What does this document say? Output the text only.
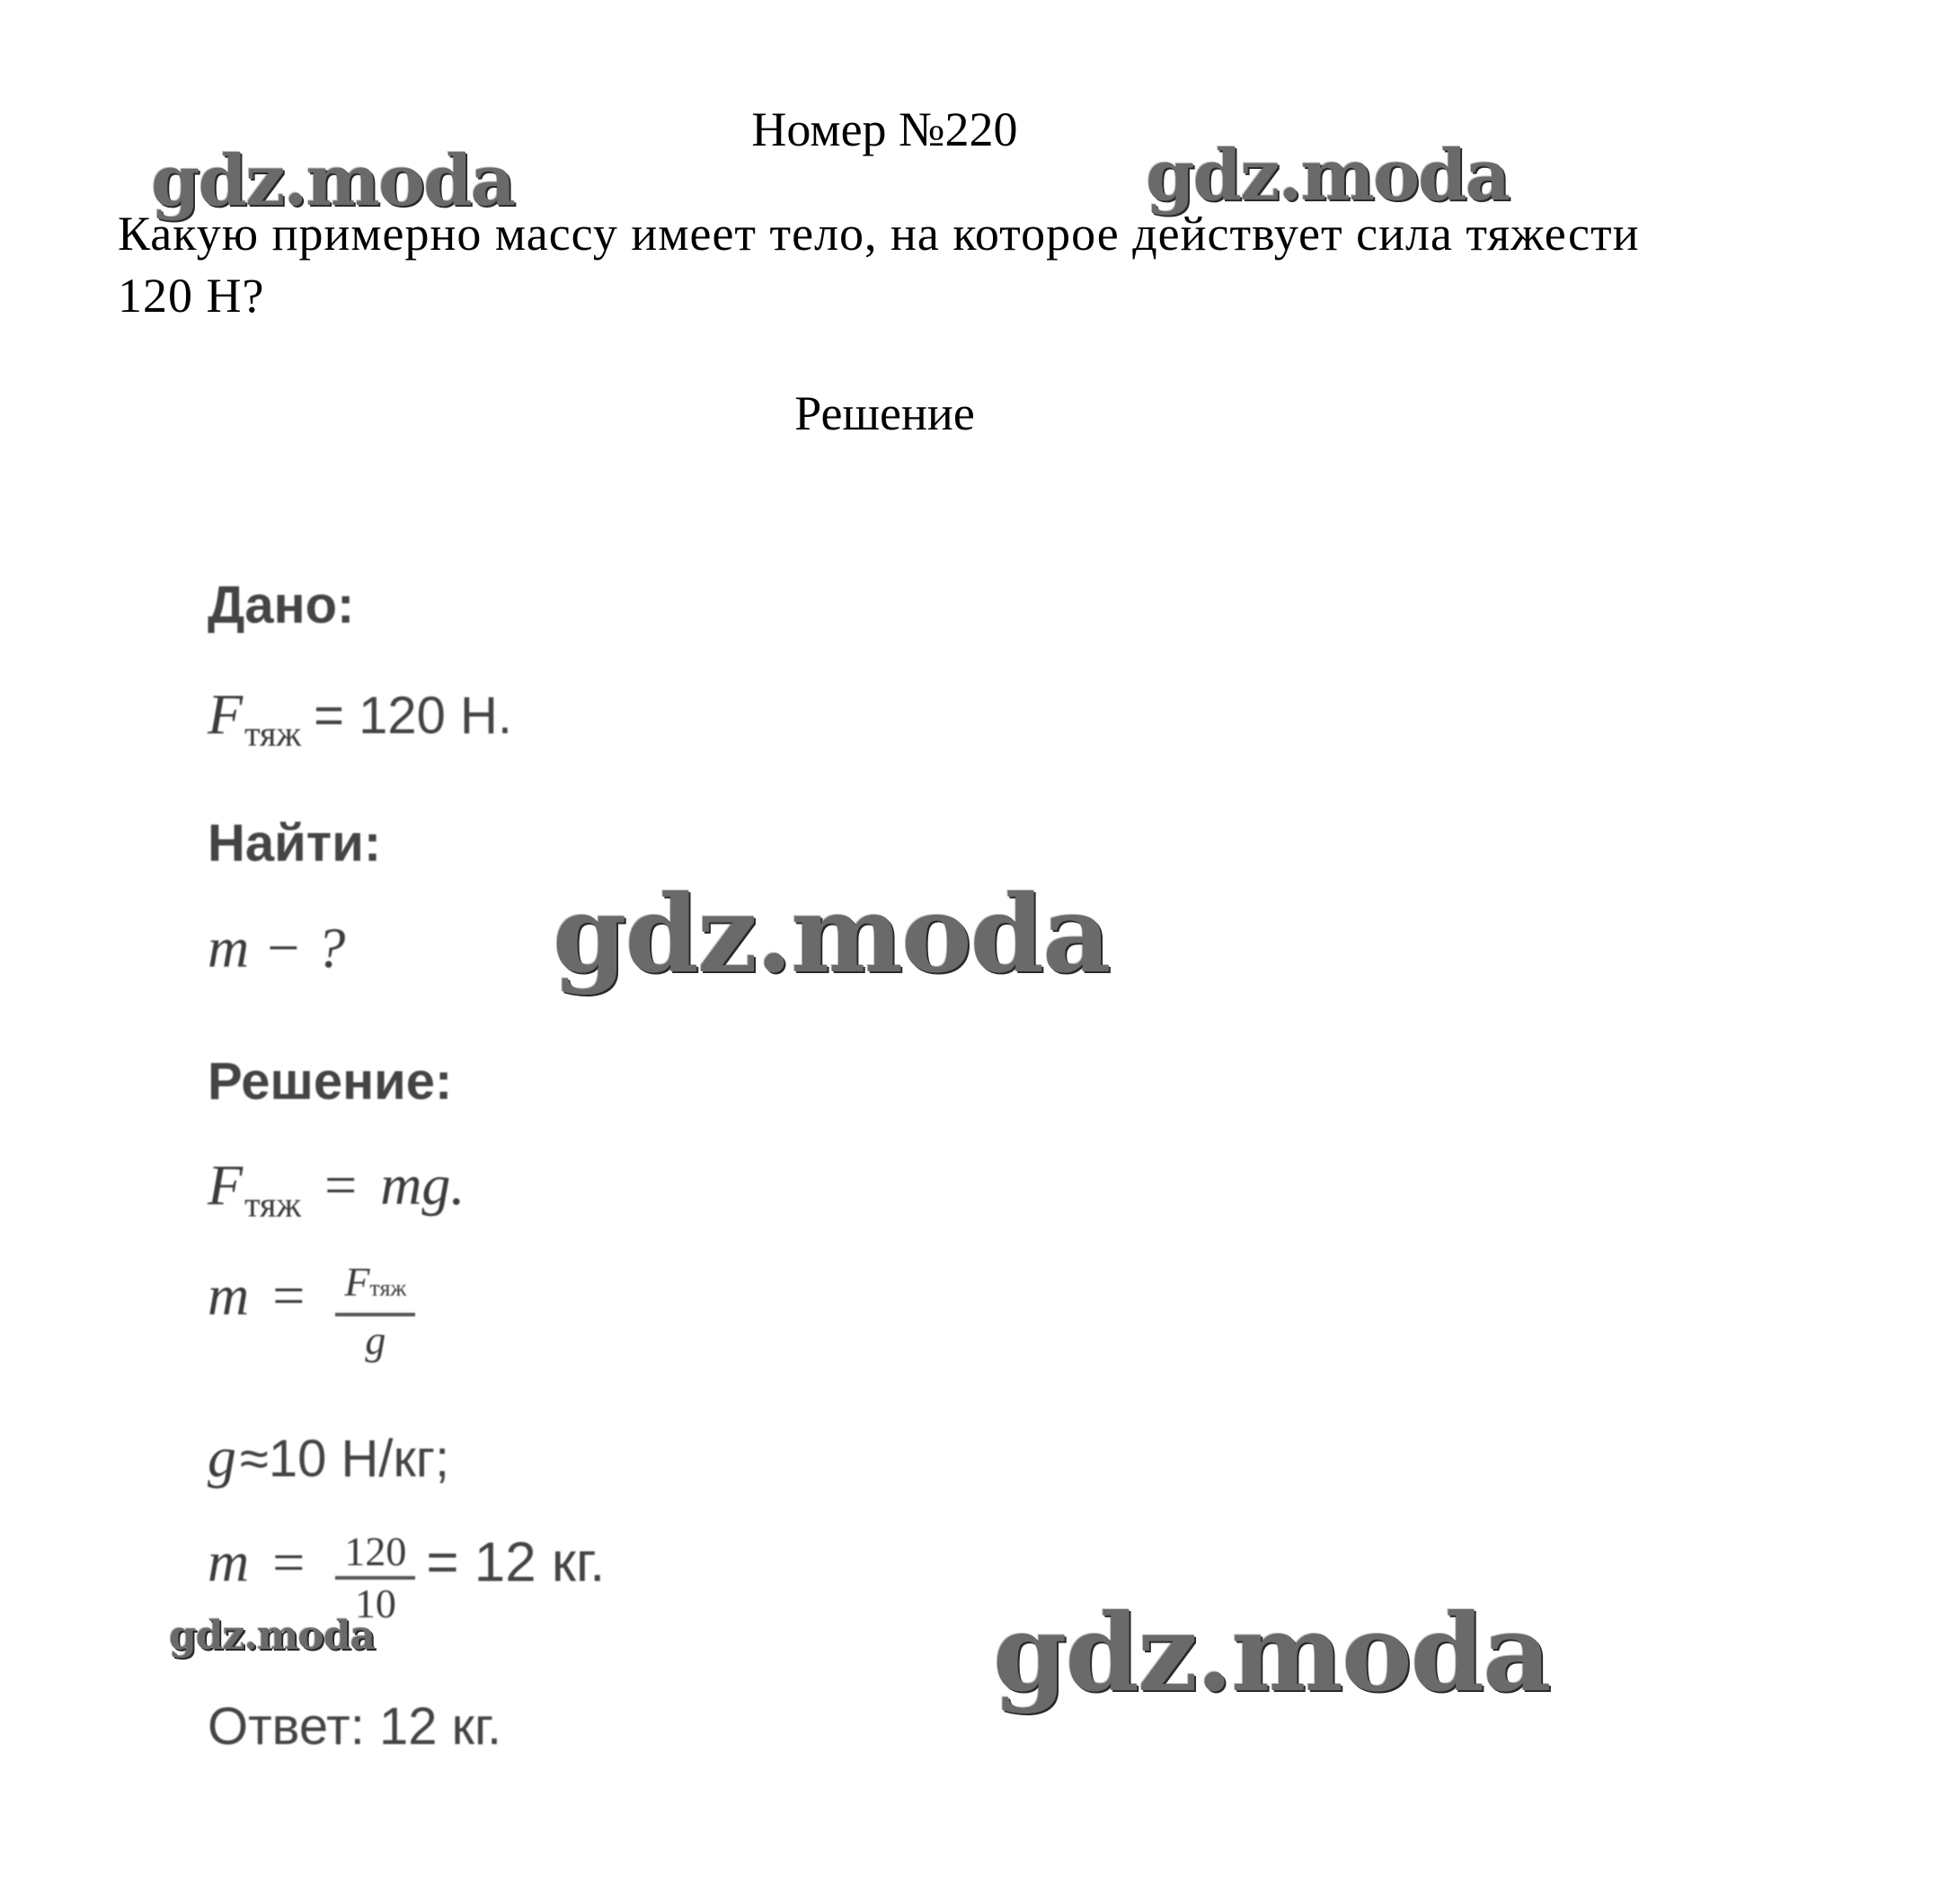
Номер №220
Какую примерно массу имеет тело, на которое действует сила тяжести 120 Н?
Решение
Дано:
Fтяж = 120 Н.
Найти:
m − ?
Решение:
Fтяж = mg.
$m = \frac{\text{Fтяж}}{g}$
g ≈10 Н/кг;
$m = \frac{120}{10} = 12$ кг.
Ответ: 12 кг.
gdz.moda	gdz.moda
gdz.moda
gdz.moda
gdz.moda
